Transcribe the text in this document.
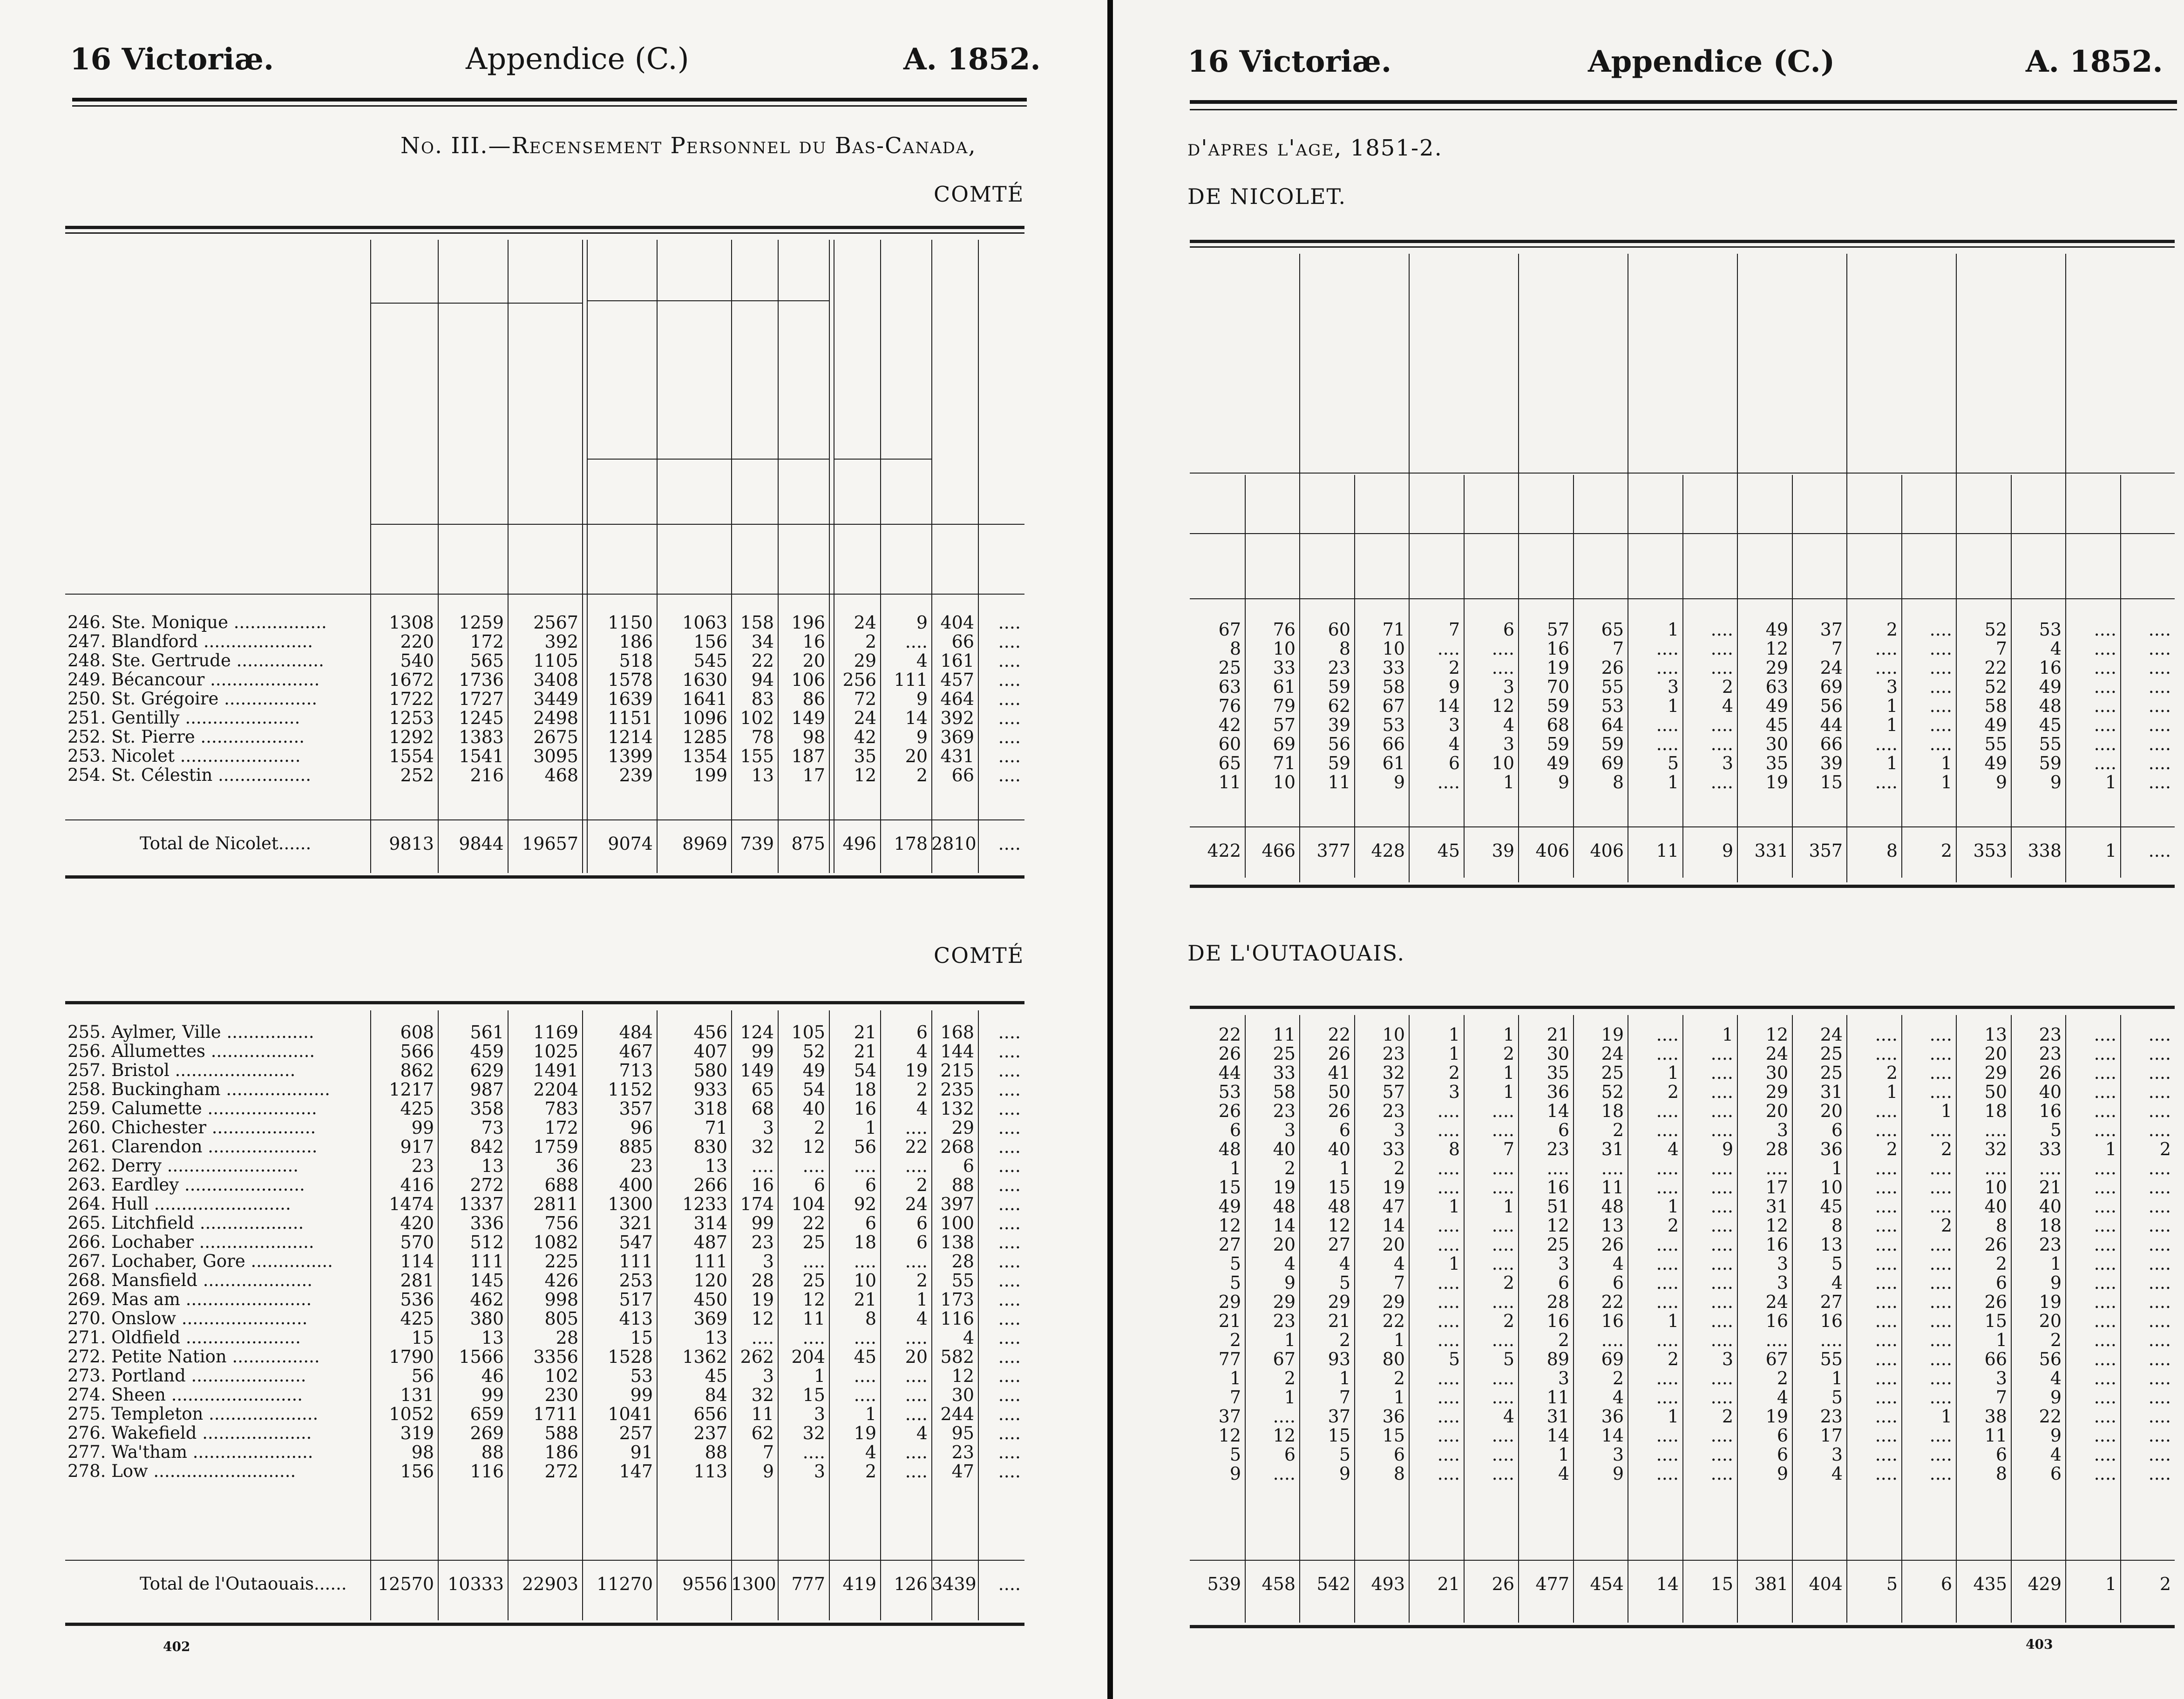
16 Victoriæ.	Appendice (C.)	A. 1852.
No. III.—Recensement Personnel du Bas-Canada,
COMTÉ
246. Ste. Monique .................	1308	1259	2567	1150	1063 158 196	24	9 404	....
247. Blandford ....................	220	172	392	186	156	34	16	2	....	66	....
248. Ste. Gertrude ................	540	565	1105	518	545	22	20	29	4 161	....
249. Bécancour ....................	1672	1736	3408	1578	1630	94 106 256 111 457	....
250. St. Grégoire .................	1722	1727	3449	1639	1641	83	86	72	9 464	....
251. Gentilly .....................	1253	1245	2498	1151	1096 102 149	24	14 392	....
252. St. Pierre ...................	1292	1383	2675	1214	1285	78	98	42	9 369	....
253. Nicolet ......................	1554	1541	3095	1399	1354 155 187	35	20 431	....
254. St. Célestin .................	252	216	468	239	199	13	17	12	2	66	....
Total de Nicolet......	9813	9844	19657	9074	8969 739 875 496 178 2810	....
COMTÉ
255. Aylmer, Ville ................	608	561	1169	484	456 124 105	21	6 168	....
256. Allumettes ...................	566	459	1025	467	407	99	52	21	4 144	....
257. Bristol ......................	862	629	1491	713	580 149	49	54	19 215	....
258. Buckingham ...................	1217	987	2204	1152	933	65	54	18	2 235	....
259. Calumette ....................	425	358	783	357	318	68	40	16	4 132	....
260. Chichester ...................	99	73	172	96	71	3	2	1	....	29	....
261. Clarendon ....................	917	842	1759	885	830	32	12	56	22 268	....
262. Derry ........................	23	13	36	23	13	....	....	....	....	6	....
263. Eardley ......................	416	272	688	400	266	16	6	6	2	88	....
264. Hull .........................	1474	1337	2811	1300	1233 174 104	92	24 397	....
265. Litchfield ...................	420	336	756	321	314	99	22	6	6 100	....
266. Lochaber .....................	570	512	1082	547	487	23	25	18	6 138	....
267. Lochaber, Gore ...............	114	111	225	111	111	3	....	....	....	28	....
268. Mansfield ....................	281	145	426	253	120	28	25	10	2	55	....
269. Mas am .......................	536	462	998	517	450	19	12	21	1 173	....
270. Onslow .......................	425	380	805	413	369	12	11	8	4 116	....
271. Oldfield .....................	15	13	28	15	13	....	....	....	....	4	....
272. Petite Nation ................	1790	1566	3356	1528	1362 262 204	45	20 582	....
273. Portland .....................	56	46	102	53	45	3	1	....	....	12	....
274. Sheen ........................	131	99	230	99	84	32	15	....	....	30	....
275. Templeton ....................	1052	659	1711	1041	656	11	3	1	.... 244	....
276. Wakefield ....................	319	269	588	257	237	62	32	19	4	95	....
277. Wa'tham ......................	98	88	186	91	88	7	....	4	....	23	....
278. Low ..........................	156	116	272	147	113	9	3	2	....	47	....
Total de l'Outaouais......	12570 10333	22903	11270	9556 1300 777 419 126 3439	....
402
16 Victoriæ.	Appendice (C.)	A. 1852.
d'apres l'age, 1851-2.
DE NICOLET.
67	76	60	71	7	6	57	65	1	....	49	37	2	....	52	53	....	....
8	10	8	10	....	....	16	7	....	....	12	7	....	....	7	4	....	....
25	33	23	33	2	....	19	26	....	....	29	24	....	....	22	16	....	....
63	61	59	58	9	3	70	55	3	2	63	69	3	....	52	49	....	....
76	79	62	67	14	12	59	53	1	4	49	56	1	....	58	48	....	....
42	57	39	53	3	4	68	64	....	....	45	44	1	....	49	45	....	....
60	69	56	66	4	3	59	59	....	....	30	66	....	....	55	55	....	....
65	71	59	61	6	10	49	69	5	3	35	39	1	1	49	59	....	....
11	10	11	9	....	1	9	8	1	....	19	15	....	1	9	9	1	....
422	466	377	428	45	39	406	406	11	9	331	357	8	2	353	338	1	....
DE L'OUTAOUAIS.
22	11	22	10	1	1	21	19	....	1	12	24	....	....	13	23	....	....
26	25	26	23	1	2	30	24	....	....	24	25	....	....	20	23	....	....
44	33	41	32	2	1	35	25	1	....	30	25	2	....	29	26	....	....
53	58	50	57	3	1	36	52	2	....	29	31	1	....	50	40	....	....
26	23	26	23	....	....	14	18	....	....	20	20	....	1	18	16	....	....
6	3	6	3	....	....	6	2	....	....	3	6	....	....	....	5	....	....
48	40	40	33	8	7	23	31	4	9	28	36	2	2	32	33	1	2
1	2	1	2	....	....	....	....	....	....	....	1	....	....	....	....	....	....
15	19	15	19	....	....	16	11	....	....	17	10	....	....	10	21	....	....
49	48	48	47	1	1	51	48	1	....	31	45	....	....	40	40	....	....
12	14	12	14	....	....	12	13	2	....	12	8	....	2	8	18	....	....
27	20	27	20	....	....	25	26	....	....	16	13	....	....	26	23	....	....
5	4	4	4	1	....	3	4	....	....	3	5	....	....	2	1	....	....
5	9	5	7	....	2	6	6	....	....	3	4	....	....	6	9	....	....
29	29	29	29	....	....	28	22	....	....	24	27	....	....	26	19	....	....
21	23	21	22	....	2	16	16	1	....	16	16	....	....	15	20	....	....
2	1	2	1	....	....	2	....	....	....	....	....	....	....	1	2	....	....
77	67	93	80	5	5	89	69	2	3	67	55	....	....	66	56	....	....
1	2	1	2	....	....	3	2	....	....	2	1	....	....	3	4	....	....
7	1	7	1	....	....	11	4	....	....	4	5	....	....	7	9	....	....
37	....	37	36	....	4	31	36	1	2	19	23	....	1	38	22	....	....
12	12	15	15	....	....	14	14	....	....	6	17	....	....	11	9	....	....
5	6	5	6	....	....	1	3	....	....	6	3	....	....	6	4	....	....
9	....	9	8	....	....	4	9	....	....	9	4	....	....	8	6	....	....
539	458	542	493	21	26	477	454	14	15	381	404	5	6	435	429	1	2
403
